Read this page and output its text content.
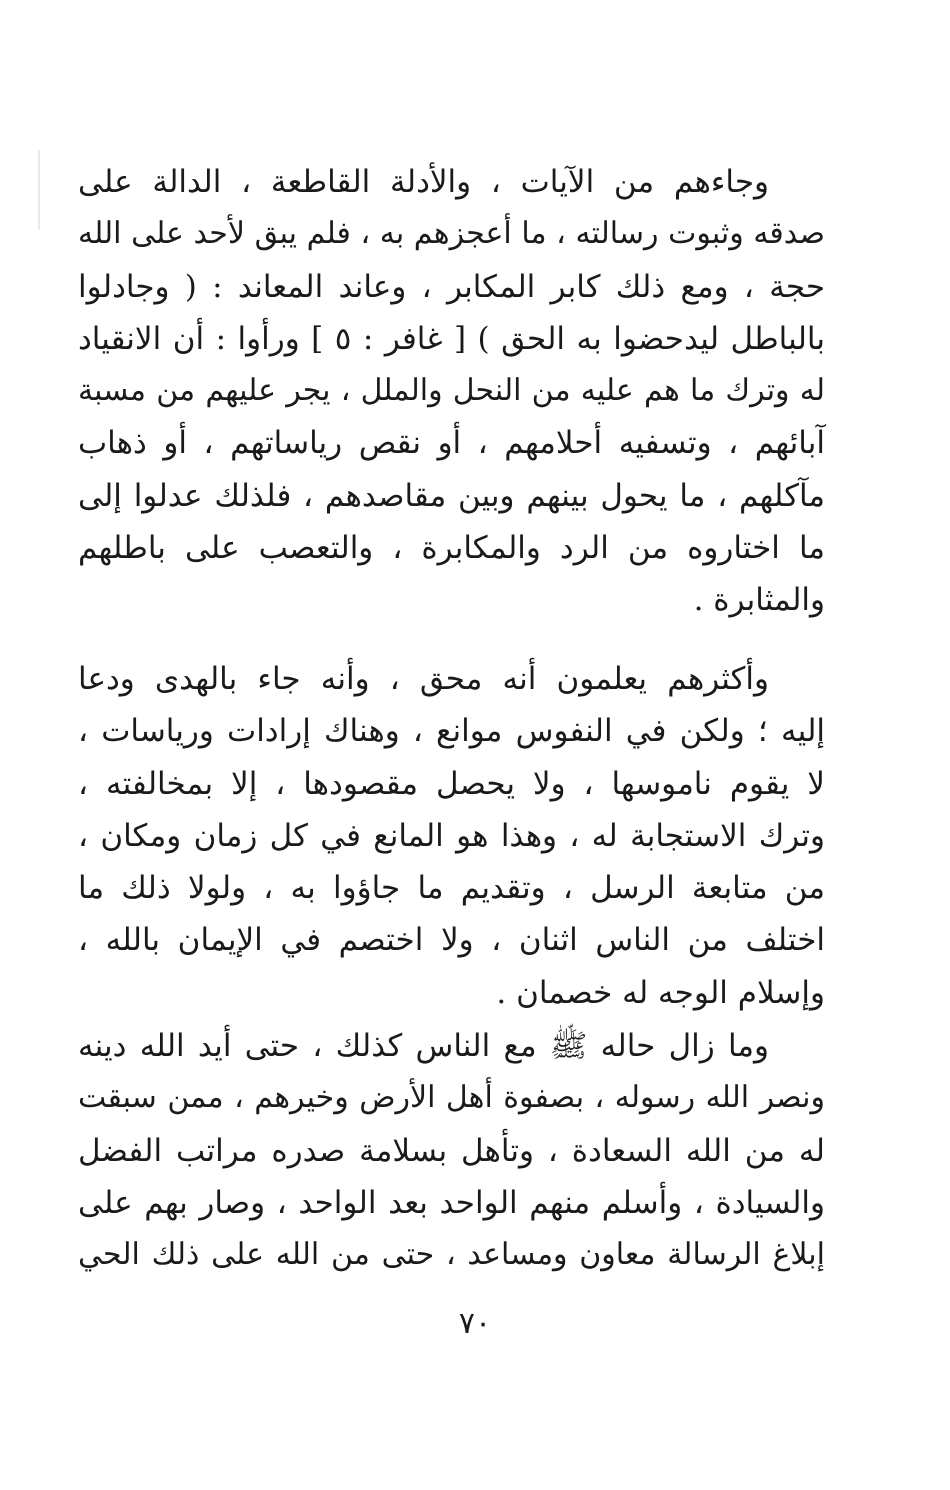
وجاءهم من الآيات ، والأدلة القاطعة ، الدالة على
صدقه وثبوت رسالته ، ما أعجزهم به ، فلم يبق لأحد على الله
حجة ، ومع ذلك كابر المكابر ، وعاند المعاند : ( وجادلوا
بالباطل ليدحضوا به الحق ) [ غافر : ٥ ] ورأوا : أن الانقياد
له وترك ما هم عليه من النحل والملل ، يجر عليهم من مسبة
آبائهم ، وتسفيه أحلامهم ، أو نقص رياساتهم ، أو ذهاب
مآكلهم ، ما يحول بينهم وبين مقاصدهم ، فلذلك عدلوا إلى
ما اختاروه من الرد والمكابرة ، والتعصب على باطلهم
والمثابرة .
وأكثرهم يعلمون أنه محق ، وأنه جاء بالهدى ودعا
إليه ؛ ولكن في النفوس موانع ، وهناك إرادات ورياسات ،
لا يقوم ناموسها ، ولا يحصل مقصودها ، إلا بمخالفته ،
وترك الاستجابة له ، وهذا هو المانع في كل زمان ومكان ،
من متابعة الرسل ، وتقديم ما جاؤوا به ، ولولا ذلك ما
اختلف من الناس اثنان ، ولا اختصم في الإيمان بالله ،
وإسلام الوجه له خصمان .
وما زال حاله ﷺ مع الناس كذلك ، حتى أيد الله دينه
ونصر الله رسوله ، بصفوة أهل الأرض وخيرهم ، ممن سبقت
له من الله السعادة ، وتأهل بسلامة صدره مراتب الفضل
والسيادة ، وأسلم منهم الواحد بعد الواحد ، وصار بهم على
إبلاغ الرسالة معاون ومساعد ، حتى من الله على ذلك الحي
٧٠
